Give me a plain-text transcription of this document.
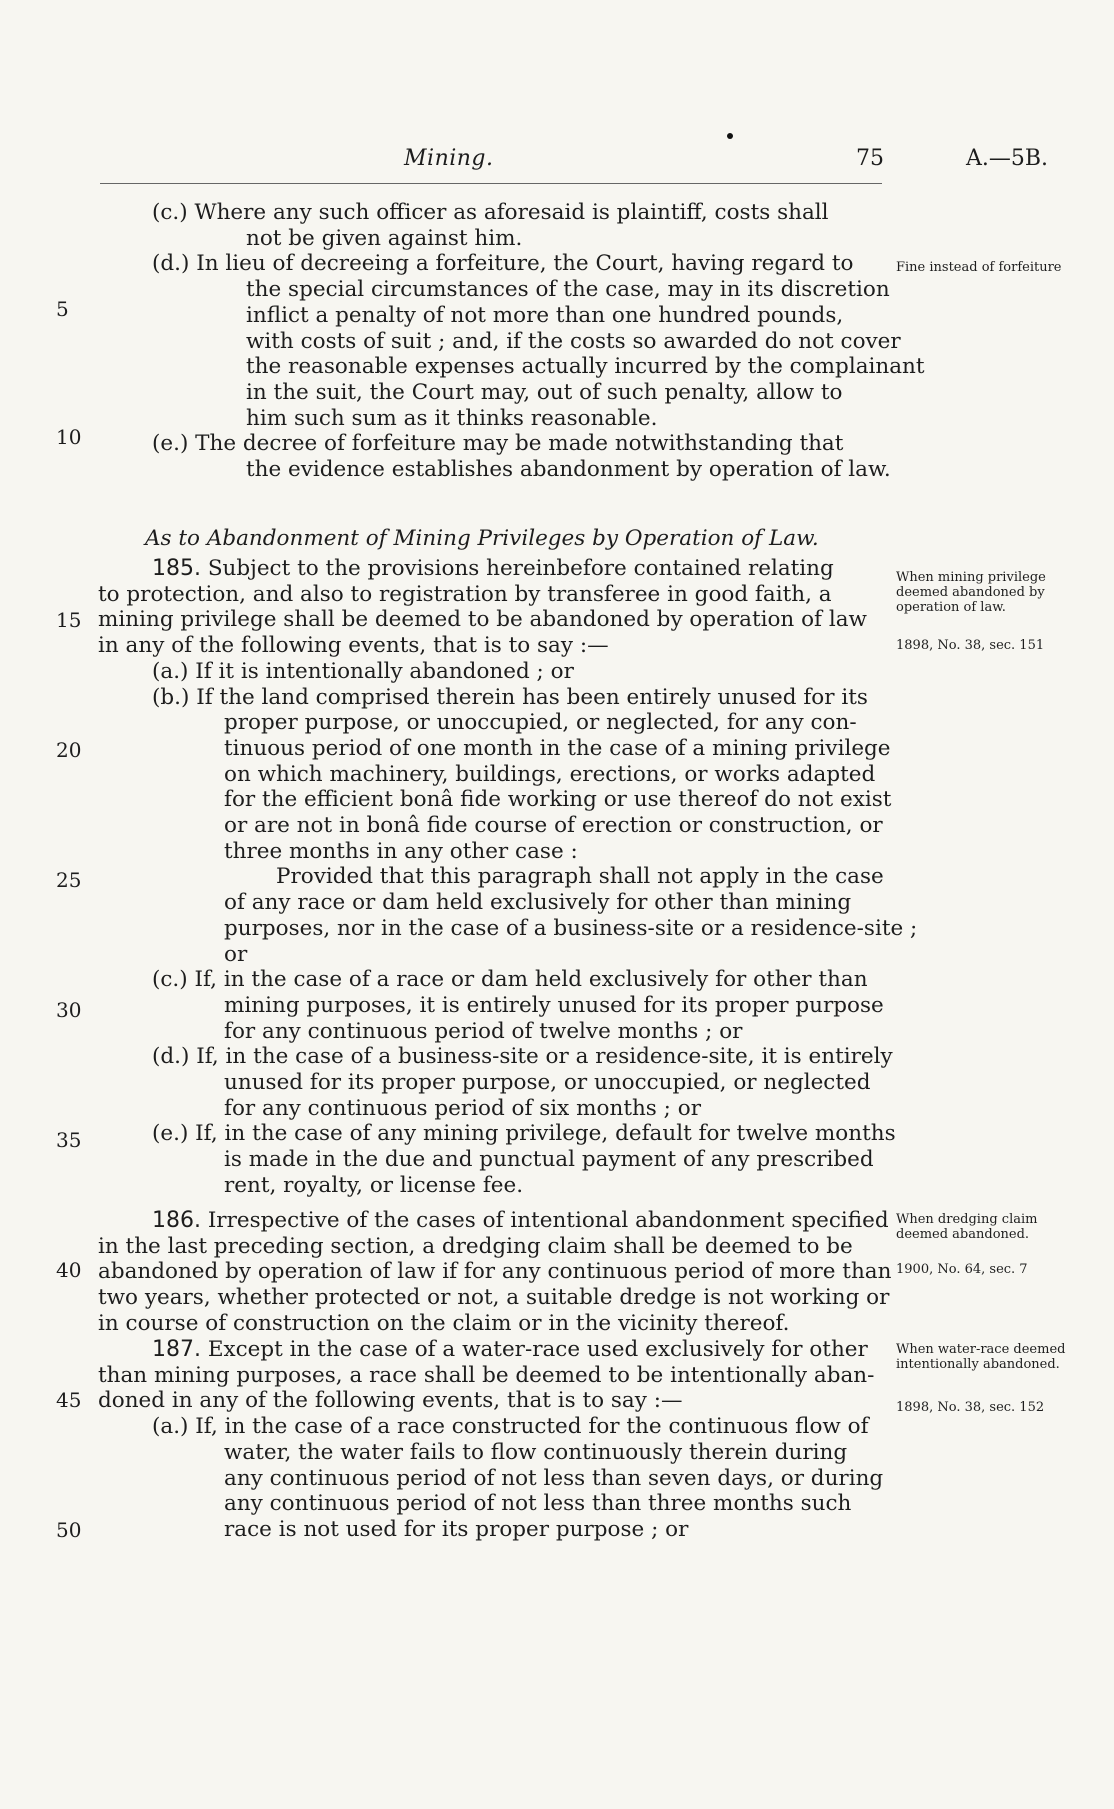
Mining.	75	A.—5B.
(c.) Where any such officer as aforesaid is plaintiff, costs shall
not be given against him.
(d.) In lieu of decreeing a forfeiture, the Court, having regard to
the special circumstances of the case, may in its discretion
inflict a penalty of not more than one hundred pounds,
with costs of suit ; and, if the costs so awarded do not cover
the reasonable expenses actually incurred by the complainant
in the suit, the Court may, out of such penalty, allow to
him such sum as it thinks reasonable.
(e.) The decree of forfeiture may be made notwithstanding that
the evidence establishes abandonment by operation of law.
As to Abandonment of Mining Privileges by Operation of Law.
185. Subject to the provisions hereinbefore contained relating
to protection, and also to registration by transferee in good faith, a
mining privilege shall be deemed to be abandoned by operation of law
in any of the following events, that is to say :—
(a.) If it is intentionally abandoned ; or
(b.) If the land comprised therein has been entirely unused for its
proper purpose, or unoccupied, or neglected, for any con-
tinuous period of one month in the case of a mining privilege
on which machinery, buildings, erections, or works adapted
for the efficient bonâ fide working or use thereof do not exist
or are not in bonâ fide course of erection or construction, or
three months in any other case :
Provided that this paragraph shall not apply in the case
of any race or dam held exclusively for other than mining
purposes, nor in the case of a business-site or a residence-site ;
or
(c.) If, in the case of a race or dam held exclusively for other than
mining purposes, it is entirely unused for its proper purpose
for any continuous period of twelve months ; or
(d.) If, in the case of a business-site or a residence-site, it is entirely
unused for its proper purpose, or unoccupied, or neglected
for any continuous period of six months ; or
(e.) If, in the case of any mining privilege, default for twelve months
is made in the due and punctual payment of any prescribed
rent, royalty, or license fee.
186. Irrespective of the cases of intentional abandonment specified
in the last preceding section, a dredging claim shall be deemed to be
abandoned by operation of law if for any continuous period of more than
two years, whether protected or not, a suitable dredge is not working or
in course of construction on the claim or in the vicinity thereof.
187. Except in the case of a water-race used exclusively for other
than mining purposes, a race shall be deemed to be intentionally aban-
doned in any of the following events, that is to say :—
(a.) If, in the case of a race constructed for the continuous flow of
water, the water fails to flow continuously therein during
any continuous period of not less than seven days, or during
any continuous period of not less than three months such
race is not used for its proper purpose ; or
Fine instead of forfeiture
When mining privilege deemed abandoned by operation of law.
1898, No. 38, sec. 151
When dredging claim deemed abandoned.
1900, No. 64, sec. 7
When water-race deemed intentionally abandoned.
1898, No. 38, sec. 152
5
10
15
20
25
30
35
40
45
50
